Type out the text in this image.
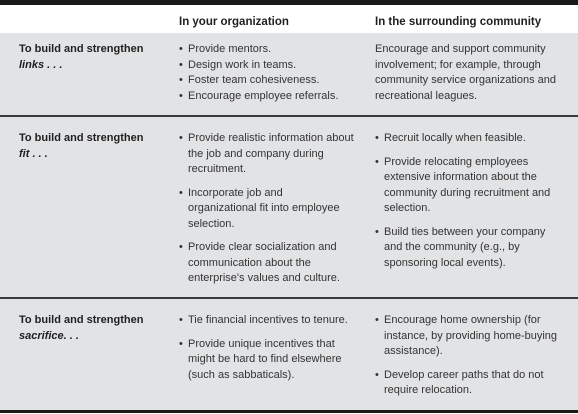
In your organization	In the surrounding community
To build and strengthen
links . . .
• Provide mentors.
• Design work in teams.
• Foster team cohesiveness.
• Encourage employee referrals.
Encourage and support community involvement; for example, through community service organizations and recreational leagues.
To build and strengthen
fit . . .
• Provide realistic information about the job and company during recruitment.
• Incorporate job and organizational fit into employee selection.
• Provide clear socialization and communication about the enterprise's values and culture.
• Recruit locally when feasible.
• Provide relocating employees extensive information about the community during recruitment and selection.
• Build ties between your company and the community (e.g., by sponsoring local events).
To build and strengthen
sacrifice. . .
• Tie financial incentives to tenure.
• Provide unique incentives that might be hard to find elsewhere (such as sabbaticals).
• Encourage home ownership (for instance, by providing home-buying assistance).
• Develop career paths that do not require relocation.
